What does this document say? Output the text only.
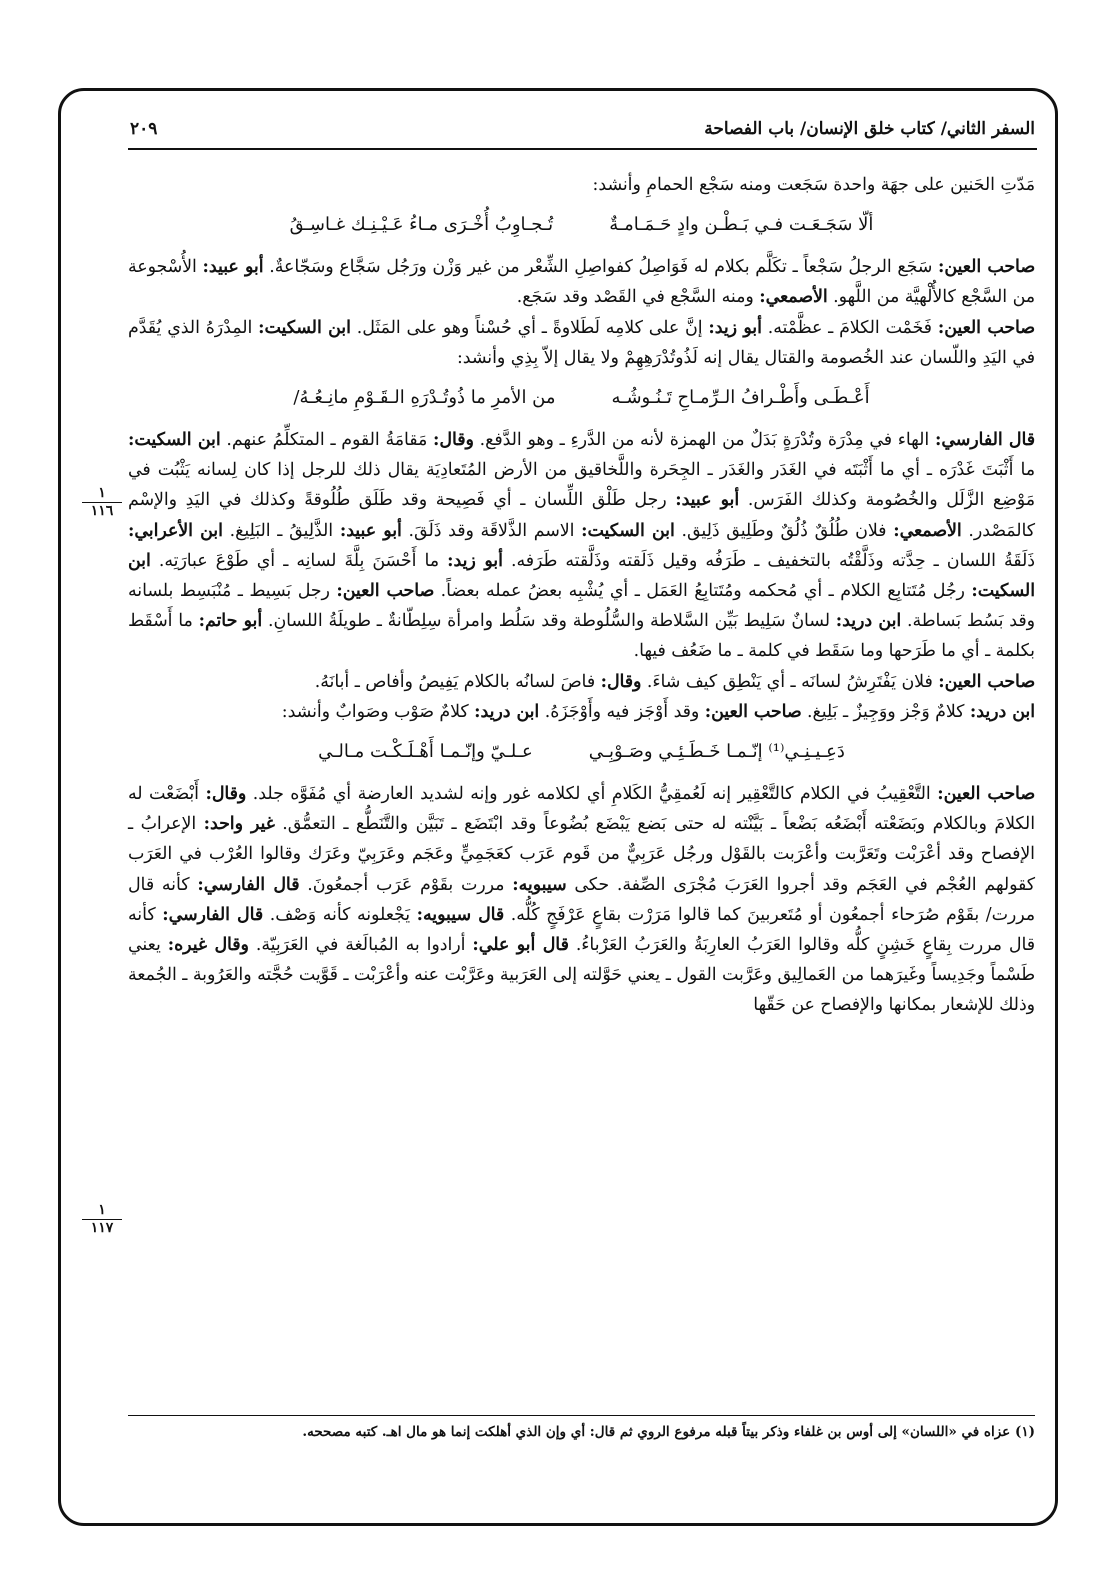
السفر الثاني/ كتاب خلق الإنسان/ باب الفصاحة
٢٠٩
١
١١٦
١
١١٧

مَدّتِ الحَنين على جهَة واحدة سَجَعت ومنه سَجْع الحمامِ وأنشد:

ألّا سَجَـعَـت فـي بَـطْـن وادٍ حَـمَـامـةٌ
تُـجـاوِبُ أُخْـرَى مـاءُ عَـيْـنِـك غـاسِـقُ

صاحب العين: سَجَع الرجلُ سَجْعاً ـ تكَلَّم بكلام له فَوَاصِلُ كفواصِلِ الشِّعْر من غير وَزْن ورَجُل سَجَّاع وسَجّاعةٌ. أبو عبيد: الأُسْجوعة من السَّجْع كالأُلْهيَّة من اللَّهو. الأصمعي: ومنه السَّجْع في القَصْد وقد سَجَع.

صاحب العين: فَخَمْت الكلامَ ـ عظَّمْته. أبو زيد: إنَّ على كلامِه لَطَلاوةً ـ أي حُسْناً وهو على المَثَل. ابن السكيت: المِدْرَهُ الذي يُقَدَّم في اليَدِ واللّسان عند الخُصومة والقتال يقال إنه لَذُوتُدْرَهِهِمْ ولا يقال إلاّ بِذِي وأنشد:

أَعْـطَـى وأَطْـرافُ الـرِّمـاحِ تَـنُـوشُـه
من الأمرِ ما ذُوتُـدْرَهِ الـقَـوْمِ مانِـعُـهُ/

قال الفارسي: الهاء في مِدْرَة وتُدْرَةٍ بَدَلٌ من الهمزة لأنه من الدَّرءِ ـ وهو الدَّفع. وقال: مَقامَةُ القوم ـ المتكلِّمُ عنهم. ابن السكيت: ما أَثْبَتَ غَدْرَه ـ أي ما أَثْبَتَه في الغَدَر والغَدَر ـ الجِحَرة واللَّخاقيق من الأرض المُتَعادِيَة يقال ذلك للرجل إذا كان لِسانه يَثْبُت في مَوْضِع الزَّلَل والخُصُومة وكذلك الفَرَس. أبو عبيد: رجل طَلْق اللِّسان ـ أي فَصِيحة وقد طَلَق طُلُوقةً وكذلك في اليَدِ والإسْم كالمَصْدر. الأصمعي: فلان طُلُقٌ ذُلُقٌ وطَلِيق ذَلِيق. ابن السكيت: الاسم الذَّلاقَة وقد ذَلَقَ. أبو عبيد: الذَّلِيقُ ـ البَلِيغ. ابن الأعرابي: ذَلَقَةُ اللسان ـ حِدَّته وذَلَّقْتُه بالتخفيف ـ طَرَفُه وقيل ذَلَقته وذَلَّقته طَرَفه. أبو زيد: ما أَحْسَنَ بِلَّةَ لسانِه ـ أي طَوْعَ عبارَتِه. ابن السكيت: رجُل مُتَتابِع الكلام ـ أي مُحكمه ومُتَتابِعُ العَمَل ـ أي يُشْبِه بعضُ عمله بعضاً. صاحب العين: رجل بَسِيط ـ مُنْبَسِط بلسانه وقد بَسُط بَساطة. ابن دريد: لسانٌ سَلِيط بَيِّن السَّلاطة والسُّلُوطة وقد سَلُط وامرأة سِلِطّانةٌ ـ طويلَةُ اللسانِ. أبو حاتم: ما أَسْقَط بكلمة ـ أي ما طَرَحها وما سَقَط في كلمة ـ ما ضَعُف فيها.

صاحب العين: فلان يَفْتَرِشُ لسانَه ـ أي يَنْطِق كيف شاءَ. وقال: فاصَ لسانُه بالكلام يَفِيصُ وأفاص ـ أبانَهُ.

ابن دريد: كلامٌ وَجْز ووَجِيزٌ ـ بَلِيغ. صاحب العين: وقد أَوْجَز فيه وأَوْجَزَهُ. ابن دريد: كلامٌ صَوْب وصَوابٌ وأنشد:

دَعِـيـنِـي⁽¹⁾ إنّـمـا خَـطَـئِـي وصَـوْبِـي
عـلـيّ وإنّـمـا أَهْـلَـكْـت مـالـي

صاحب العين: التَّعْقِيبُ في الكلام كالتَّعْقِير إنه لَعُمقِيُّ الكَلامِ أي لكلامه غور وإنه لشديد العارضة أي مُفَوَّه جلد. وقال: أَبْضَعْت له الكلامَ وبالكلام وبَضَعْته أَبْضَعُه بَضْعاً ـ بَيَّنْته له حتى بَضع يَبْضَع بُضُوعاً وقد ابْتَضَع ـ تَبَيَّن والتَّنَطُّع ـ التعمُّق. غير واحد: الإعرابُ ـ الإفصاح وقد أعْرَبْت وتَعَرَّبت وأعْرَبت بالقَوْل ورجُل عَرَبِيٌّ من قَوم عَرَب كعَجَمِيٍّ وعَجَم وعَرَبِيّ وعَرَك وقالوا العُرْب في العَرَب كقولهم العُجْم في العَجَم وقد أجروا العَرَبَ مُجْرَى الصِّفة. حكى سيبويه: مررت بقَوْم عَرَب أجمعُونَ. قال الفارسي: كأنه قال مررت/ بقَوْم صُرَحاء أجمعُون أو مُتَعربينَ كما قالوا مَرَرْت بقاعٍ عَرْفَجٍ كُلُّه. قال سيبويه: يَجْعلونه كأنه وَصْف. قال الفارسي: كأنه قال مررت بِقاعٍ خَشِنٍ كلُّه وقالوا العَرَبُ العارِبَةُ والعَرَبُ العَرْباءُ. قال أبو علي: أرادوا به المُبالَغة في العَرَبِيّة. وقال غيره: يعني طَسْماً وجَدِيساً وغَيرَهما من العَمالِيق وعَرَّبت القول ـ يعني حَوَّلته إلى العَرَبية وعَرَّبْت عنه وأعْرَبْت ـ قَوَّيت حُجَّته والعَرُوبة ـ الجُمعة وذلك للإشعار بمكانها والإفصاح عن حَقّها

(١) عزاه في «اللسان» إلى أوس بن غلفاء وذكر بيتاً قبله مرفوع الروي ثم قال: أي وإن الذي أهلكت إنما هو مال اهـ. كتبه مصححه.
